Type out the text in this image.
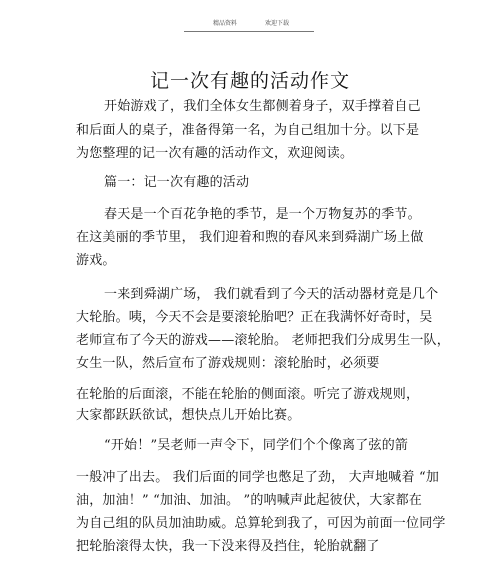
精品资料	欢迎下载
记一次有趣的活动作文
开始游戏了，我们全体女生都侧着身子，双手撑着自己
和后面人的桌子，准备得第一名，为自己组加十分。以下是
为您整理的记一次有趣的活动作文，欢迎阅读。
篇一：记一次有趣的活动
春天是一个百花争艳的季节，是一个万物复苏的季节。
在这美丽的季节里， 我们迎着和煦的春风来到舜湖广场上做
游戏。
一来到舜湖广场， 我们就看到了今天的活动器材竟是几个
大轮胎。咦，今天不会是要滚轮胎吧？正在我满怀好奇时，吴
老师宣布了今天的游戏——滚轮胎。 老师把我们分成男生一队，
女生一队，然后宣布了游戏规则：滚轮胎时，必须要
在轮胎的后面滚，不能在轮胎的侧面滚。听完了游戏规则，
大家都跃跃欲试，想快点儿开始比赛。
“开始！”吴老师一声令下，同学们个个像离了弦的箭
一般冲了出去。 我们后面的同学也憋足了劲， 大声地喊着 “加
油，加油！” “加油、加油。 ”的呐喊声此起彼伏，大家都在
为自己组的队员加油助威。总算轮到我了，可因为前面一位同学
把轮胎滚得太快，我一下没来得及挡住，轮胎就翻了
